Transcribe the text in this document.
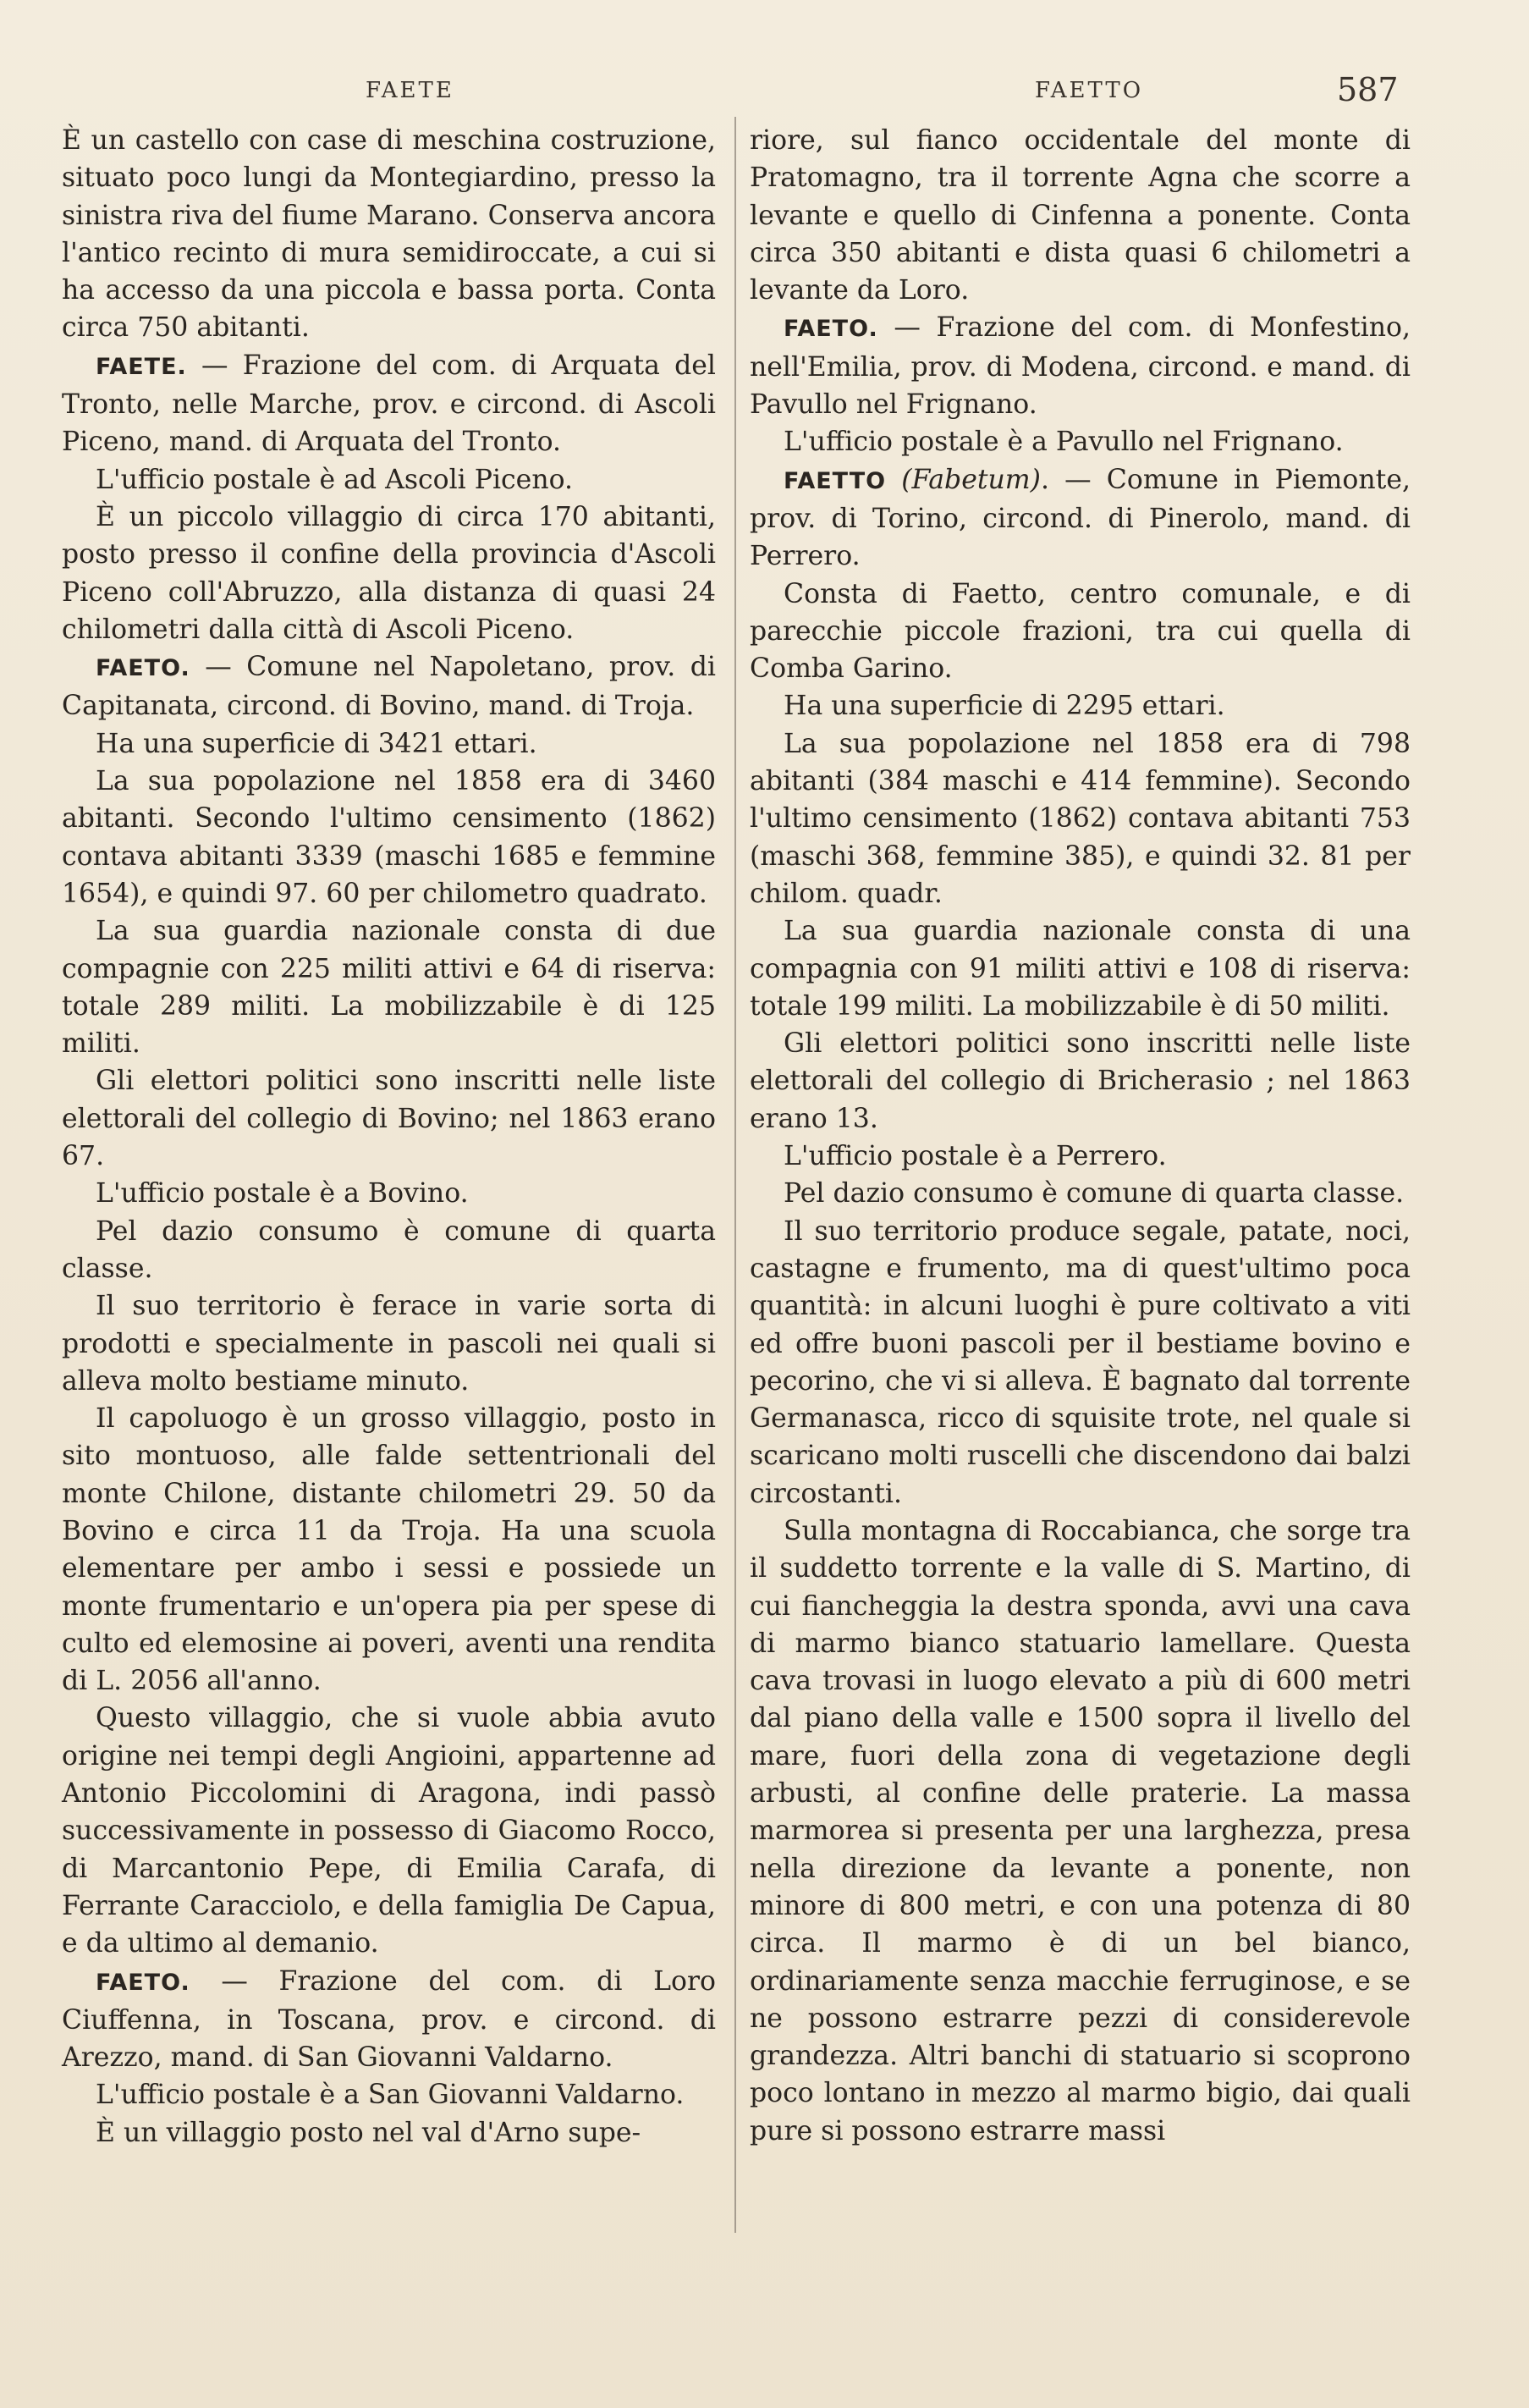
FAETE	FAETTO	587

È un castello con case di meschina costruzione, situato poco lungi da Montegiardino, presso la sinistra riva del fiume Marano. Conserva ancora l'antico recinto di mura semidiroccate, a cui si ha accesso da una piccola e bassa porta. Conta circa 750 abitanti.

FAETE. — Frazione del com. di Arquata del Tronto, nelle Marche, prov. e circond. di Ascoli Piceno, mand. di Arquata del Tronto.

L'ufficio postale è ad Ascoli Piceno.

È un piccolo villaggio di circa 170 abitanti, posto presso il confine della provincia d'Ascoli Piceno coll'Abruzzo, alla distanza di quasi 24 chilometri dalla città di Ascoli Piceno.

FAETO. — Comune nel Napoletano, prov. di Capitanata, circond. di Bovino, mand. di Troja.

Ha una superficie di 3421 ettari.

La sua popolazione nel 1858 era di 3460 abitanti. Secondo l'ultimo censimento (1862) contava abitanti 3339 (maschi 1685 e femmine 1654), e quindi 97. 60 per chilometro quadrato.

La sua guardia nazionale consta di due compagnie con 225 militi attivi e 64 di riserva: totale 289 militi. La mobilizzabile è di 125 militi.

Gli elettori politici sono inscritti nelle liste elettorali del collegio di Bovino; nel 1863 erano 67.

L'ufficio postale è a Bovino.

Pel dazio consumo è comune di quarta classe.

Il suo territorio è ferace in varie sorta di prodotti e specialmente in pascoli nei quali si alleva molto bestiame minuto.

Il capoluogo è un grosso villaggio, posto in sito montuoso, alle falde settentrionali del monte Chilone, distante chilometri 29. 50 da Bovino e circa 11 da Troja. Ha una scuola elementare per ambo i sessi e possiede un monte frumentario e un'opera pia per spese di culto ed elemosine ai poveri, aventi una rendita di L. 2056 all'anno.

Questo villaggio, che si vuole abbia avuto origine nei tempi degli Angioini, appartenne ad Antonio Piccolomini di Aragona, indi passò successivamente in possesso di Giacomo Rocco, di Marcantonio Pepe, di Emilia Carafa, di Ferrante Caracciolo, e della famiglia De Capua, e da ultimo al demanio.

FAETO. — Frazione del com. di Loro Ciuffenna, in Toscana, prov. e circond. di Arezzo, mand. di San Giovanni Valdarno.

L'ufficio postale è a San Giovanni Valdarno.

È un villaggio posto nel val d'Arno supe-

riore, sul fianco occidentale del monte di Pratomagno, tra il torrente Agna che scorre a levante e quello di Cinfenna a ponente. Conta circa 350 abitanti e dista quasi 6 chilometri a levante da Loro.

FAETO. — Frazione del com. di Monfestino, nell'Emilia, prov. di Modena, circond. e mand. di Pavullo nel Frignano.

L'ufficio postale è a Pavullo nel Frignano.

FAETTO (Fabetum). — Comune in Piemonte, prov. di Torino, circond. di Pinerolo, mand. di Perrero.

Consta di Faetto, centro comunale, e di parecchie piccole frazioni, tra cui quella di Comba Garino.

Ha una superficie di 2295 ettari.

La sua popolazione nel 1858 era di 798 abitanti (384 maschi e 414 femmine). Secondo l'ultimo censimento (1862) contava abitanti 753 (maschi 368, femmine 385), e quindi 32. 81 per chilom. quadr.

La sua guardia nazionale consta di una compagnia con 91 militi attivi e 108 di riserva: totale 199 militi. La mobilizzabile è di 50 militi.

Gli elettori politici sono inscritti nelle liste elettorali del collegio di Bricherasio ; nel 1863 erano 13.

L'ufficio postale è a Perrero.

Pel dazio consumo è comune di quarta classe.

Il suo territorio produce segale, patate, noci, castagne e frumento, ma di quest'ultimo poca quantità: in alcuni luoghi è pure coltivato a viti ed offre buoni pascoli per il bestiame bovino e pecorino, che vi si alleva. È bagnato dal torrente Germanasca, ricco di squisite trote, nel quale si scaricano molti ruscelli che discendono dai balzi circostanti.

Sulla montagna di Roccabianca, che sorge tra il suddetto torrente e la valle di S. Martino, di cui fiancheggia la destra sponda, avvi una cava di marmo bianco statuario lamellare. Questa cava trovasi in luogo elevato a più di 600 metri dal piano della valle e 1500 sopra il livello del mare, fuori della zona di vegetazione degli arbusti, al confine delle praterie. La massa marmorea si presenta per una larghezza, presa nella direzione da levante a ponente, non minore di 800 metri, e con una potenza di 80 circa. Il marmo è di un bel bianco, ordinariamente senza macchie ferruginose, e se ne possono estrarre pezzi di considerevole grandezza. Altri banchi di statuario si scoprono poco lontano in mezzo al marmo bigio, dai quali pure si possono estrarre massi
